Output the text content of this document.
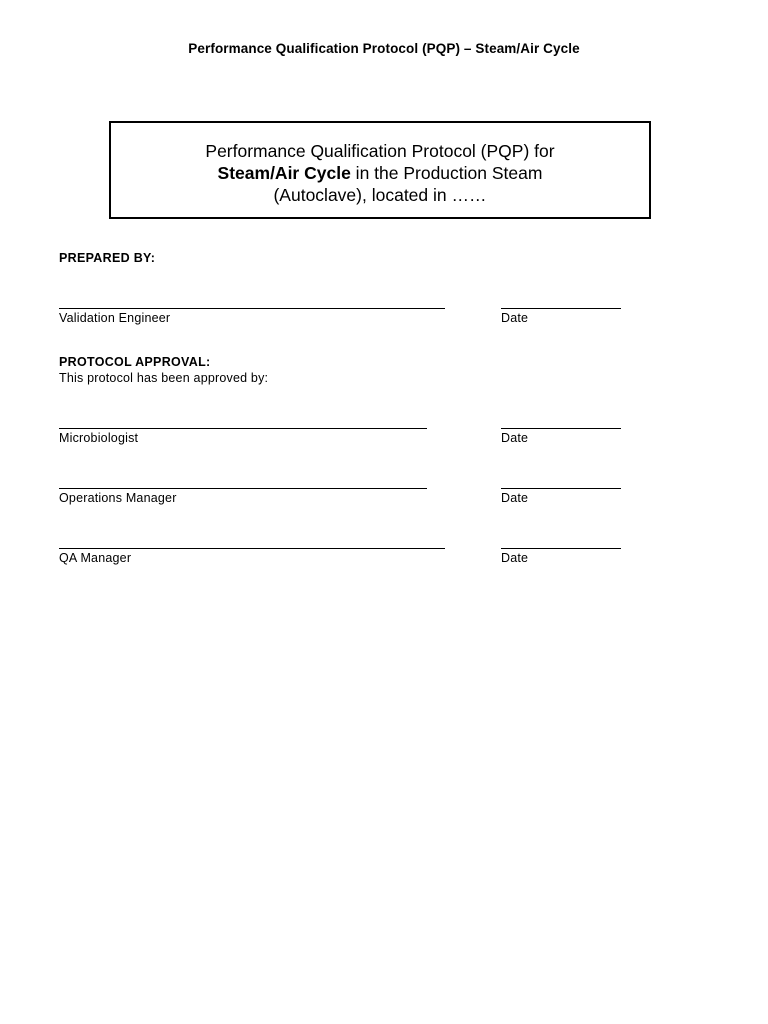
Performance Qualification Protocol (PQP) – Steam/Air Cycle
Performance Qualification Protocol (PQP) for
Steam/Air Cycle in the Production Steam
(Autoclave), located in ……
PREPARED BY:
Validation Engineer	Date
PROTOCOL APPROVAL:
This protocol has been approved by:
Microbiologist	Date
Operations Manager	Date
QA Manager	Date
